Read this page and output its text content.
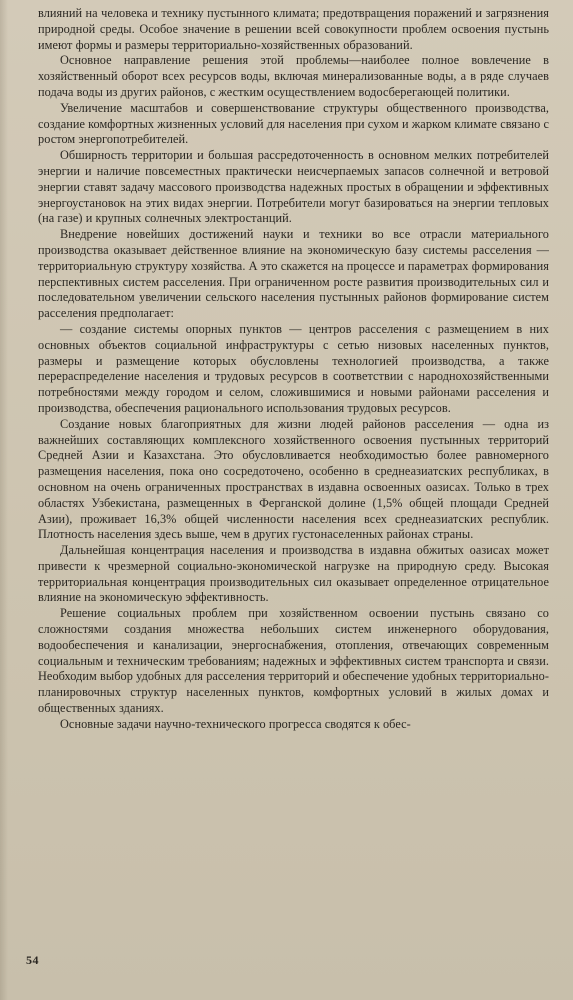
влияний на человека и технику пустынного климата; предотвращения поражений и загрязнения природной среды. Особое значение в решении всей совокупности проблем освоения пустынь имеют формы и размеры территориально-хозяйственных образований.

Основное направление решения этой проблемы—наиболее полное вовлечение в хозяйственный оборот всех ресурсов воды, включая минерализованные воды, а в ряде случаев подача воды из других районов, с жестким осуществлением водосберегающей политики.

Увеличение масштабов и совершенствование структуры общественного производства, создание комфортных жизненных условий для населения при сухом и жарком климате связано с ростом энергопотребителей.

Обширность территории и большая рассредоточенность в основном мелких потребителей энергии и наличие повсеместных практически неисчерпаемых запасов солнечной и ветровой энергии ставят задачу массового производства надежных простых в обращении и эффективных энергоустановок на этих видах энергии. Потребители могут базироваться на энергии тепловых (на газе) и крупных солнечных электростанций.

Внедрение новейших достижений науки и техники во все отрасли материального производства оказывает действенное влияние на экономическую базу системы расселения — территориальную структуру хозяйства. А это скажется на процессе и параметрах формирования перспективных систем расселения. При ограниченном росте развития производительных сил и последовательном увеличении сельского населения пустынных районов формирование систем расселения предполагает:

— создание системы опорных пунктов — центров расселения с размещением в них основных объектов социальной инфраструктуры с сетью низовых населенных пунктов, размеры и размещение которых обусловлены технологией производства, а также перераспределение населения и трудовых ресурсов в соответствии с народнохозяйственными потребностями между городом и селом, сложившимися и новыми районами расселения и производства, обеспечения рационального использования трудовых ресурсов.

Создание новых благоприятных для жизни людей районов расселения — одна из важнейших составляющих комплексного хозяйственного освоения пустынных территорий Средней Азии и Казахстана. Это обусловливается необходимостью более равномерного размещения населения, пока оно сосредоточено, особенно в среднеазиатских республиках, в основном на очень ограниченных пространствах в издавна освоенных оазисах. Только в трех областях Узбекистана, размещенных в Ферганской долине (1,5% общей площади Средней Азии), проживает 16,3% общей численности населения всех среднеазиатских республик. Плотность населения здесь выше, чем в других густонаселенных районах страны.

Дальнейшая концентрация населения и производства в издавна обжитых оазисах может привести к чрезмерной социально-экономической нагрузке на природную среду. Высокая территориальная концентрация производительных сил оказывает определенное отрицательное влияние на экономическую эффективность.

Решение социальных проблем при хозяйственном освоении пустынь связано со сложностями создания множества небольших систем инженерного оборудования, водообеспечения и канализации, энергоснабжения, отопления, отвечающих современным социальным и техническим требованиям; надежных и эффективных систем транспорта и связи. Необходим выбор удобных для расселения территорий и обеспечение удобных территориально-планировочных структур населенных пунктов, комфортных условий в жилых домах и общественных зданиях.

Основные задачи научно-технического прогресса сводятся к обес-

54
